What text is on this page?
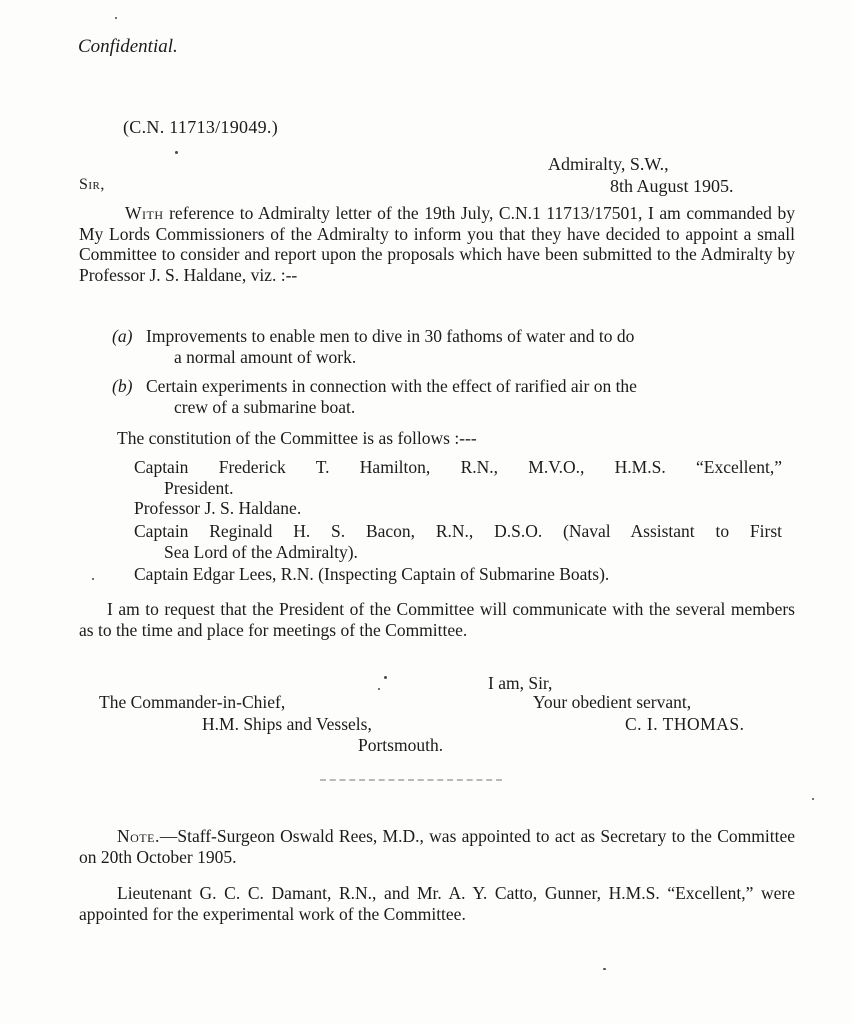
Confidential.
(C.N. 11713/19049.)
Admiralty, S.W.,
8th August 1905.
Sir,

With reference to Admiralty letter of the 19th July, C.N.1 11713/17501, I am commanded by My Lords Commissioners of the Admiralty to inform you that they have decided to appoint a small Committee to consider and report upon the proposals which have been submitted to the Admiralty by Professor J. S. Haldane, viz. :--

(a) Improvements to enable men to dive in 30 fathoms of water and to do
a normal amount of work.
(b) Certain experiments in connection with the effect of rarified air on the
crew of a submarine boat.
The constitution of the Committee is as follows :---
Captain Frederick T. Hamilton, R.N., M.V.O., H.M.S. “Excellent,”
President.
Professor J. S. Haldane.
Captain Reginald H. S. Bacon, R.N., D.S.O. (Naval Assistant to First
Sea Lord of the Admiralty).
Captain Edgar Lees, R.N. (Inspecting Captain of Submarine Boats).

I am to request that the President of the Committee will communicate with the several members as to the time and place for meetings of the Committee.

I am, Sir,
The Commander-in-Chief,	Your obedient servant,
H.M. Ships and Vessels,	C. I. THOMAS.
Portsmouth.

Note.—Staff-Surgeon Oswald Rees, M.D., was appointed to act as Secretary to the Committee on 20th October 1905.

Lieutenant G. C. C. Damant, R.N., and Mr. A. Y. Catto, Gunner, H.M.S. “Excellent,” were appointed for the experimental work of the Committee.
